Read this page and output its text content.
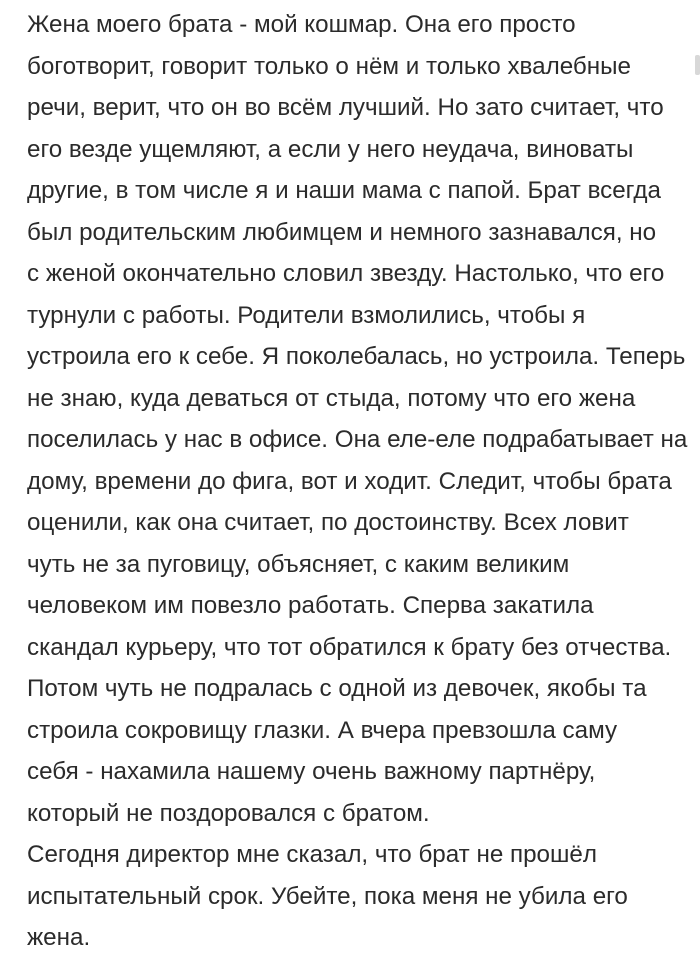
Жена моего брата - мой кошмар. Она его просто
боготворит, говорит только о нём и только хвалебные
речи, верит, что он во всём лучший. Но зато считает, что
его везде ущемляют, а если у него неудача, виноваты
другие, в том числе я и наши мама с папой. Брат всегда
был родительским любимцем и немного зазнавался, но
с женой окончательно словил звезду. Настолько, что его
турнули с работы. Родители взмолились, чтобы я
устроила его к себе. Я поколебалась, но устроила. Теперь
не знаю, куда деваться от стыда, потому что его жена
поселилась у нас в офисе. Она еле-еле подрабатывает на
дому, времени до фига, вот и ходит. Следит, чтобы брата
оценили, как она считает, по достоинству. Всех ловит
чуть не за пуговицу, объясняет, с каким великим
человеком им повезло работать. Сперва закатила
скандал курьеру, что тот обратился к брату без отчества.
Потом чуть не подралась с одной из девочек, якобы та
строила сокровищу глазки. А вчера превзошла саму
себя - нахамила нашему очень важному партнёру,
который не поздоровался с братом.
Сегодня директор мне сказал, что брат не прошёл
испытательный срок. Убейте, пока меня не убила его
жена.
